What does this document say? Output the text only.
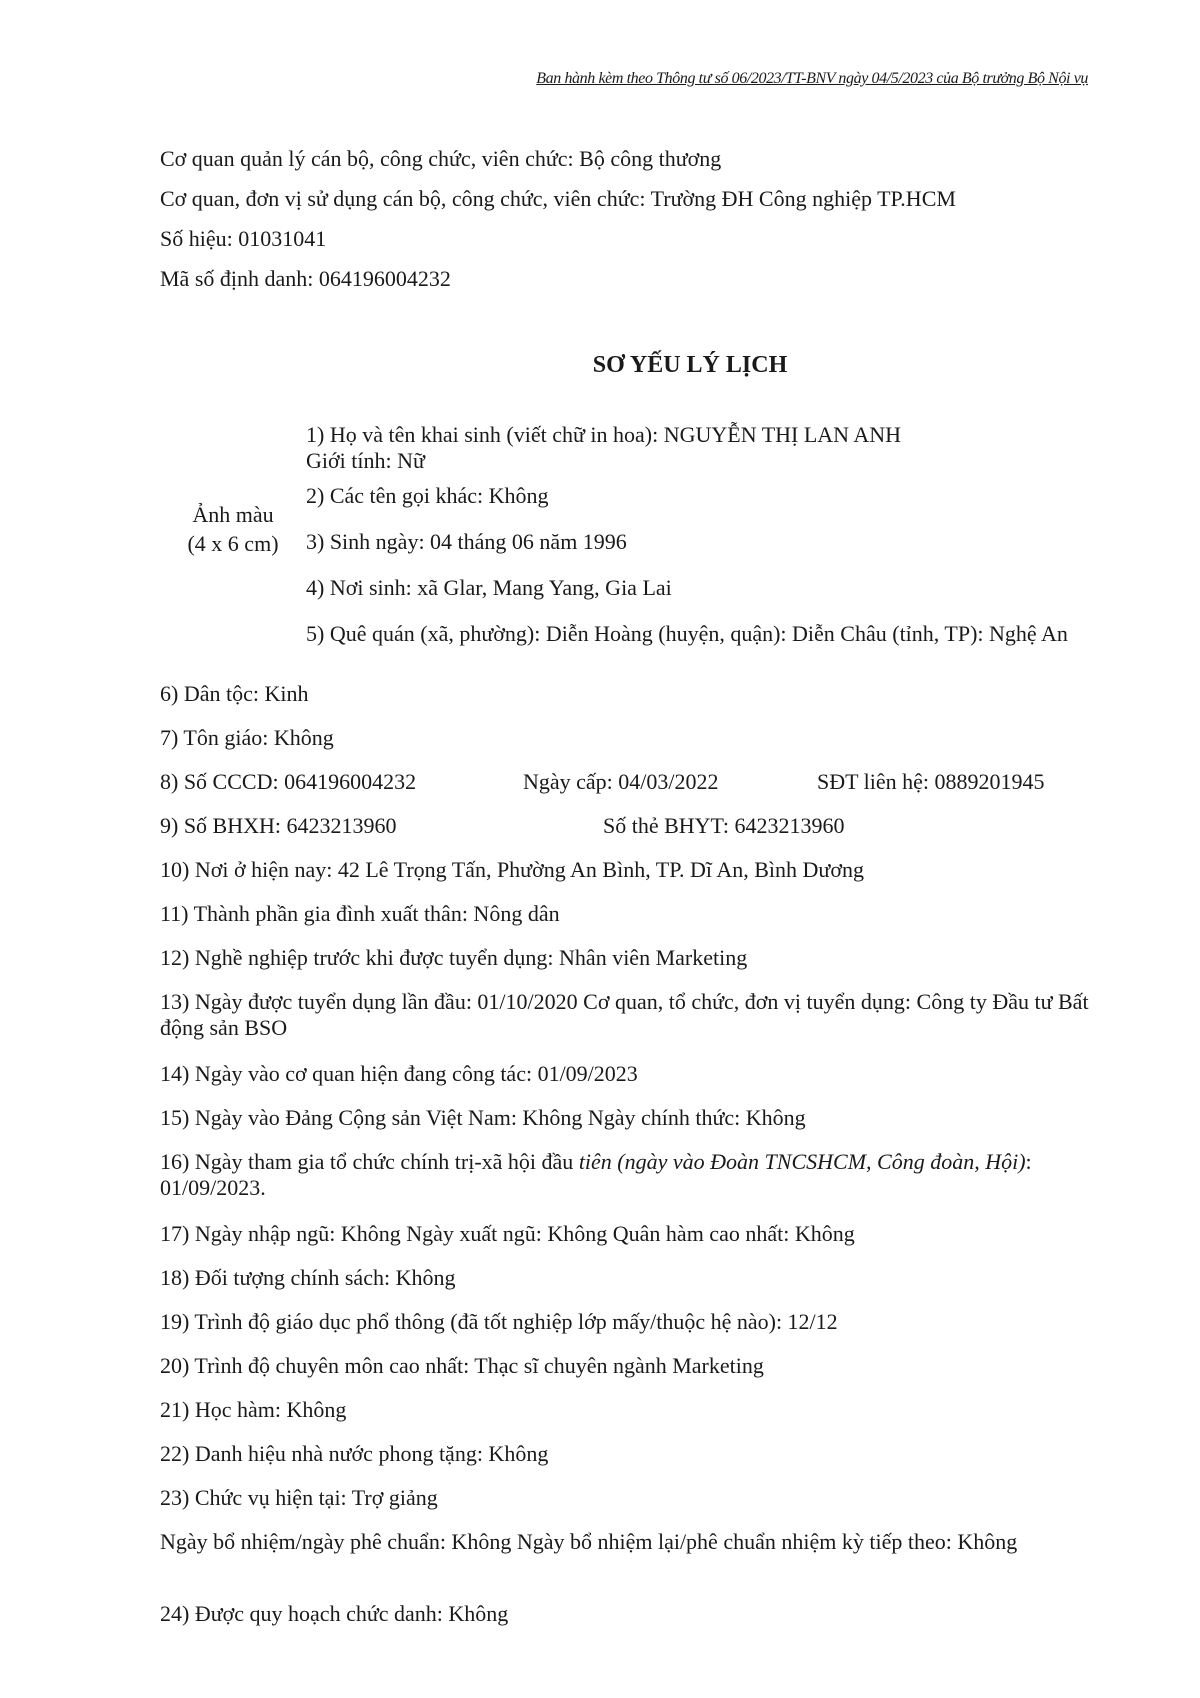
Ban hành kèm theo Thông tư số 06/2023/TT-BNV ngày 04/5/2023 của Bộ trưởng Bộ Nội vụ
Cơ quan quản lý cán bộ, công chức, viên chức: Bộ công thương
Cơ quan, đơn vị sử dụng cán bộ, công chức, viên chức: Trường ĐH Công nghiệp TP.HCM
Số hiệu: 01031041
Mã số định danh: 064196004232
SƠ YẾU LÝ LỊCH
Ảnh màu
(4 x 6 cm)
1) Họ và tên khai sinh (viết chữ in hoa): NGUYỄN THỊ LAN ANH
Giới tính: Nữ
2) Các tên gọi khác: Không
3) Sinh ngày: 04 tháng 06 năm 1996
4) Nơi sinh: xã Glar, Mang Yang, Gia Lai
5) Quê quán (xã, phường): Diễn Hoàng (huyện, quận): Diễn Châu (tỉnh, TP): Nghệ An
6) Dân tộc: Kinh
7) Tôn giáo: Không
8) Số CCCD: 064196004232	Ngày cấp: 04/03/2022	SĐT liên hệ: 0889201945
9) Số BHXH: 6423213960	Số thẻ BHYT: 6423213960
10) Nơi ở hiện nay: 42 Lê Trọng Tấn, Phường An Bình, TP. Dĩ An, Bình Dương
11) Thành phần gia đình xuất thân: Nông dân
12) Nghề nghiệp trước khi được tuyển dụng: Nhân viên Marketing
13) Ngày được tuyển dụng lần đầu: 01/10/2020 Cơ quan, tổ chức, đơn vị tuyển dụng: Công ty Đầu tư Bất động sản BSO
14) Ngày vào cơ quan hiện đang công tác: 01/09/2023
15) Ngày vào Đảng Cộng sản Việt Nam: Không Ngày chính thức: Không
16) Ngày tham gia tổ chức chính trị-xã hội đầu tiên (ngày vào Đoàn TNCSHCM, Công đoàn, Hội): 01/09/2023.
17) Ngày nhập ngũ: Không Ngày xuất ngũ: Không Quân hàm cao nhất: Không
18) Đối tượng chính sách: Không
19) Trình độ giáo dục phổ thông (đã tốt nghiệp lớp mấy/thuộc hệ nào): 12/12
20) Trình độ chuyên môn cao nhất: Thạc sĩ chuyên ngành Marketing
21) Học hàm: Không
22) Danh hiệu nhà nước phong tặng: Không
23) Chức vụ hiện tại: Trợ giảng
Ngày bổ nhiệm/ngày phê chuẩn: Không Ngày bổ nhiệm lại/phê chuẩn nhiệm kỳ tiếp theo: Không
24) Được quy hoạch chức danh: Không
